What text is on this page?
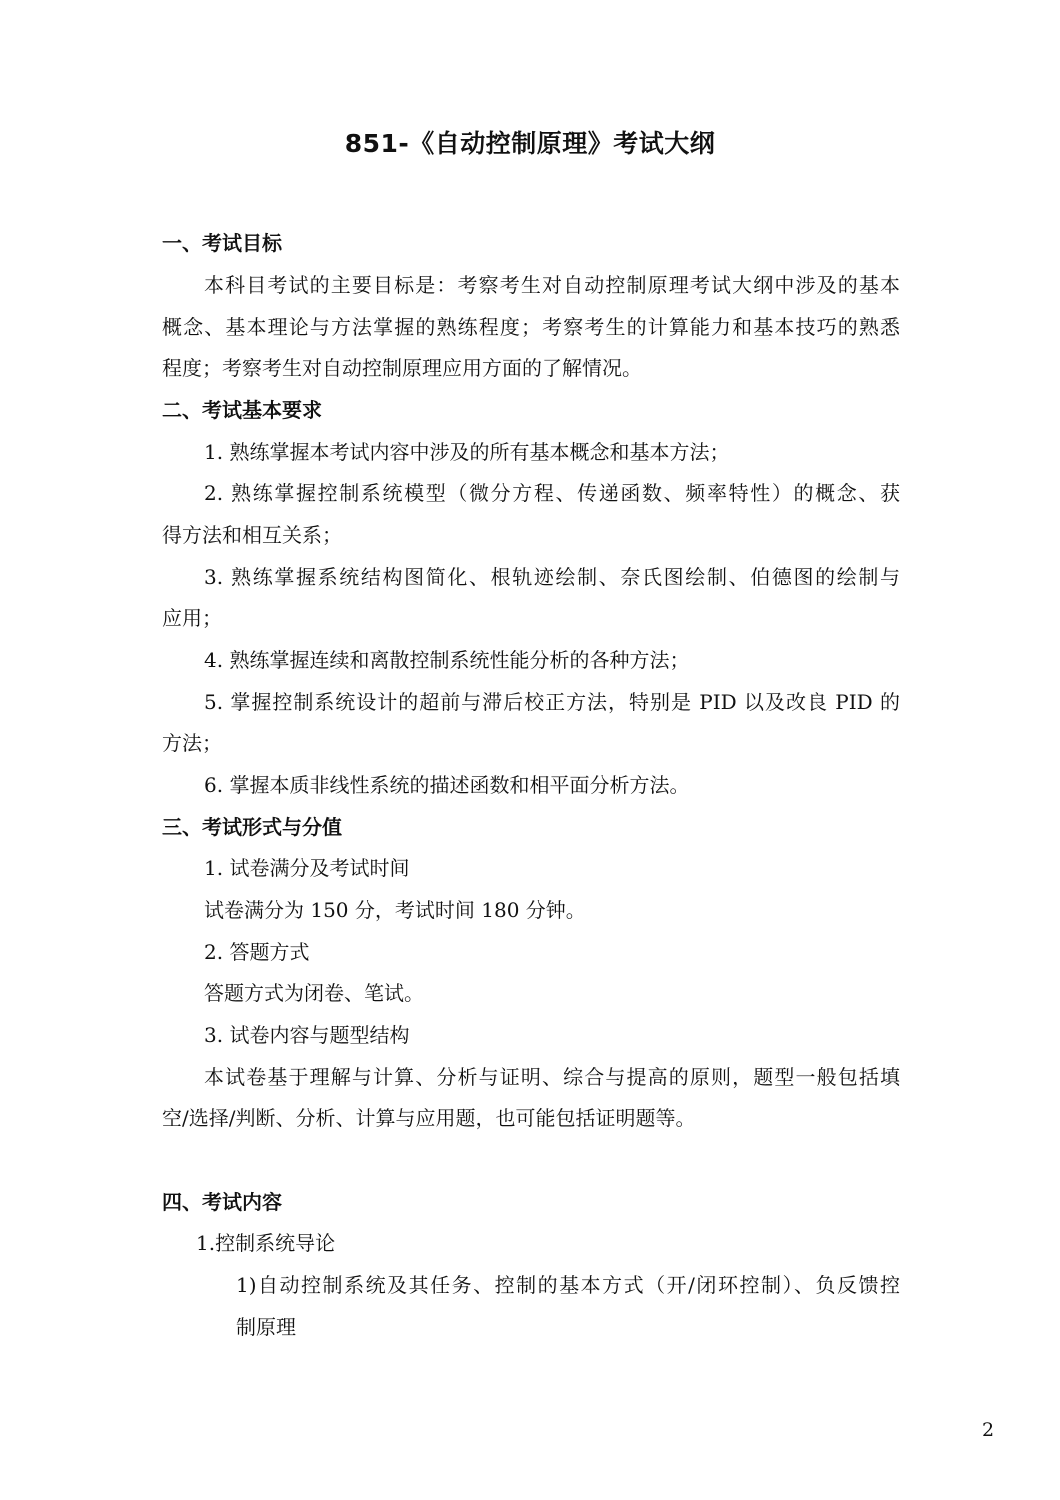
851-《自动控制原理》考试大纲
一、考试目标
本科目考试的主要目标是：考察考生对自动控制原理考试大纲中涉及的基本
概念、基本理论与方法掌握的熟练程度；考察考生的计算能力和基本技巧的熟悉
程度；考察考生对自动控制原理应用方面的了解情况。
二、考试基本要求
1. 熟练掌握本考试内容中涉及的所有基本概念和基本方法；
2. 熟练掌握控制系统模型（微分方程、传递函数、频率特性）的概念、获
得方法和相互关系；
3. 熟练掌握系统结构图简化、根轨迹绘制、奈氏图绘制、伯德图的绘制与
应用；
4. 熟练掌握连续和离散控制系统性能分析的各种方法；
5. 掌握控制系统设计的超前与滞后校正方法，特别是 PID 以及改良 PID 的
方法；
6. 掌握本质非线性系统的描述函数和相平面分析方法。
三、考试形式与分值
1. 试卷满分及考试时间
试卷满分为 150 分，考试时间 180 分钟。
2. 答题方式
答题方式为闭卷、笔试。
3. 试卷内容与题型结构
本试卷基于理解与计算、分析与证明、综合与提高的原则，题型一般包括填
空/选择/判断、分析、计算与应用题，也可能包括证明题等。
四、考试内容
1.控制系统导论
1)自动控制系统及其任务、控制的基本方式（开/闭环控制）、负反馈控
制原理
2
